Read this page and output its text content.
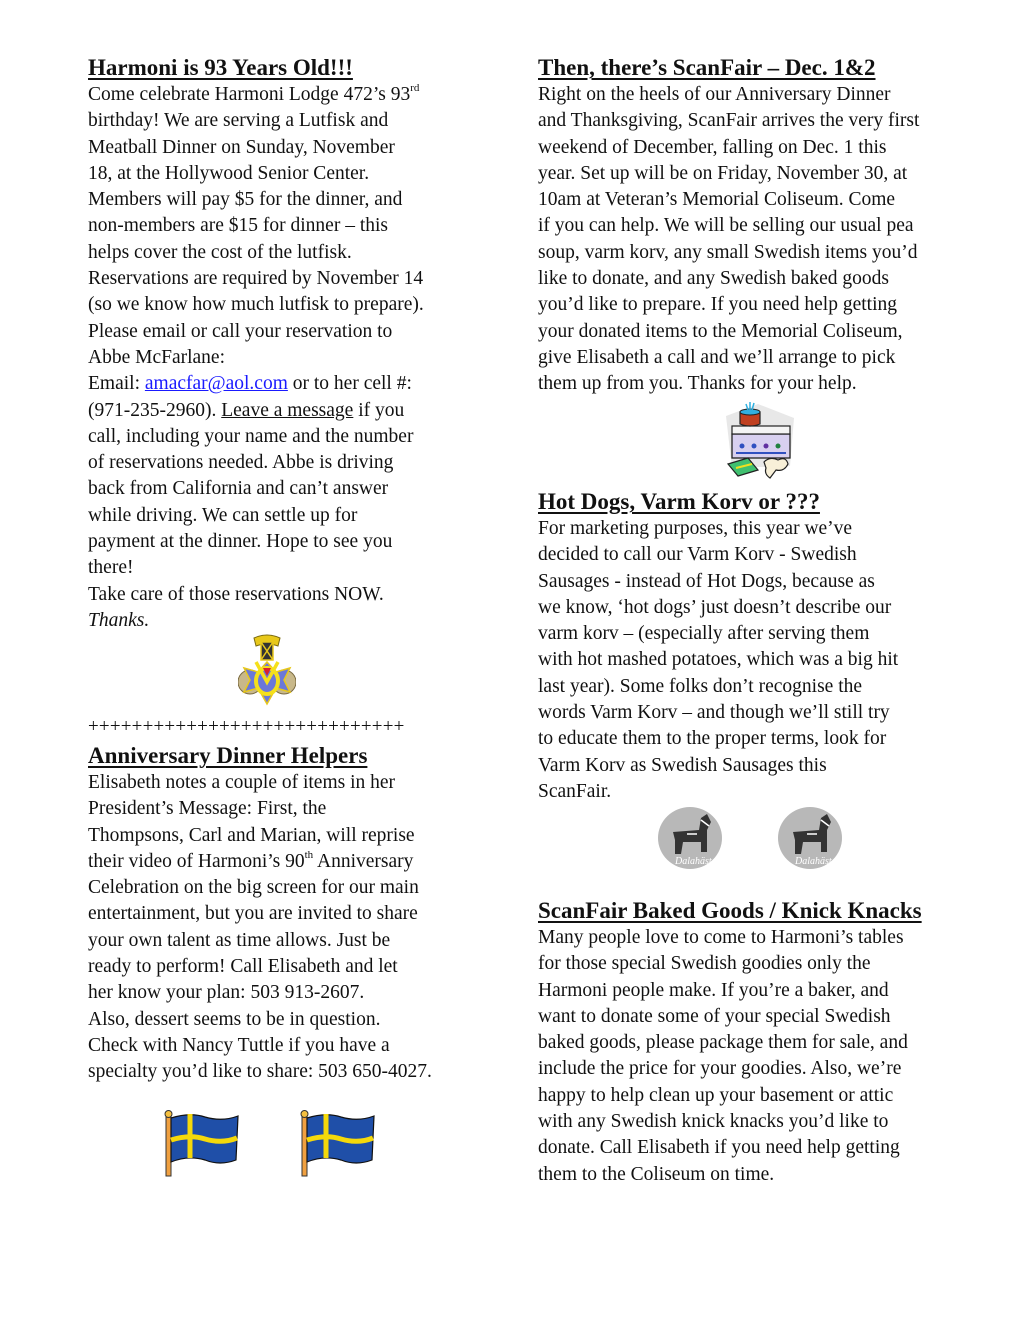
Harmoni is 93 Years Old!!!
Come celebrate Harmoni Lodge 472’s 93rd
birthday! We are serving a Lutfisk and
Meatball Dinner on Sunday, November
18, at the Hollywood Senior Center.
Members will pay $5 for the dinner, and
non-members are $15 for dinner – this
helps cover the cost of the lutfisk.
Reservations are required by November 14
(so we know how much lutfisk to prepare).
Please email or call your reservation to
Abbe McFarlane:
Email: amacfar@aol.com or to her cell #:
(971-235-2960). Leave a message if you
call, including your name and the number
of reservations needed. Abbe is driving
back from California and can’t answer
while driving. We can settle up for
payment at the dinner. Hope to see you
there!
Take care of those reservations NOW.
Thanks.
+++++++++++++++++++++++++++++
Anniversary Dinner Helpers
Elisabeth notes a couple of items in her
President’s Message: First, the
Thompsons, Carl and Marian, will reprise
their video of Harmoni’s 90th Anniversary
Celebration on the big screen for our main
entertainment, but you are invited to share
your own talent as time allows. Just be
ready to perform! Call Elisabeth and let
her know your plan: 503 913-2607.
Also, dessert seems to be in question.
Check with Nancy Tuttle if you have a
specialty you’d like to share: 503 650-4027.
Then, there’s ScanFair – Dec. 1&2
Right on the heels of our Anniversary Dinner
and Thanksgiving, ScanFair arrives the very first
weekend of December, falling on Dec. 1 this
year. Set up will be on Friday, November 30, at
10am at Veteran’s Memorial Coliseum. Come
if you can help. We will be selling our usual pea
soup, varm korv, any small Swedish items you’d
like to donate, and any Swedish baked goods
you’d like to prepare. If you need help getting
your donated items to the Memorial Coliseum,
give Elisabeth a call and we’ll arrange to pick
them up from you. Thanks for your help.
Hot Dogs, Varm Korv or ???
For marketing purposes, this year we’ve
decided to call our Varm Korv - Swedish
Sausages - instead of Hot Dogs, because as
we know, ‘hot dogs’ just doesn’t describe our
varm korv – (especially after serving them
with hot mashed potatoes, which was a big hit
last year). Some folks don’t recognise the
words Varm Korv – and though we’ll still try
to educate them to the proper terms, look for
Varm Korv as Swedish Sausages this
ScanFair.
Dalahäst	Dalahäst
ScanFair Baked Goods / Knick Knacks
Many people love to come to Harmoni’s tables
for those special Swedish goodies only the
Harmoni people make. If you’re a baker, and
want to donate some of your special Swedish
baked goods, please package them for sale, and
include the price for your goodies. Also, we’re
happy to help clean up your basement or attic
with any Swedish knick knacks you’d like to
donate. Call Elisabeth if you need help getting
them to the Coliseum on time.
